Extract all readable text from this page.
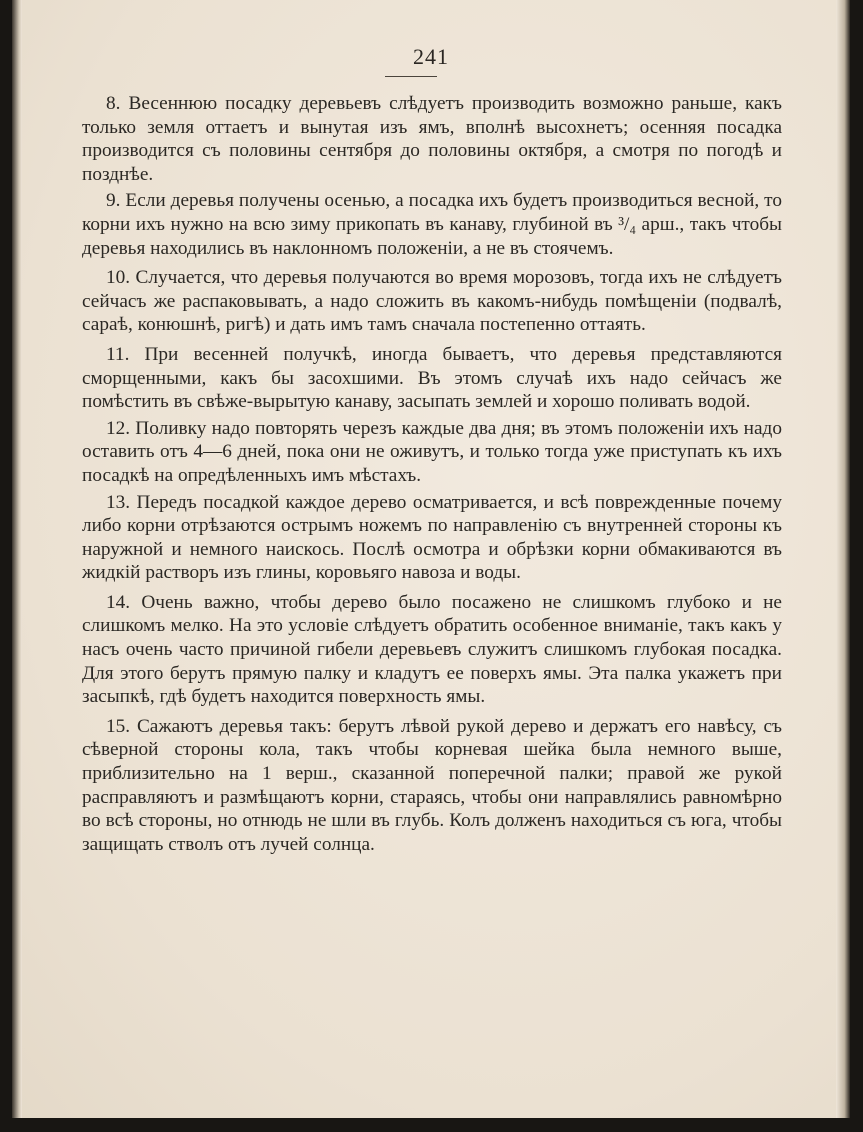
241

8. Весеннюю посадку деревьевъ слѣдуетъ производить возможно раньше, какъ только земля оттаетъ и вынутая изъ ямъ, вполнѣ высохнетъ; осенняя посадка производится съ половины сентября до половины октября, а смотря по погодѣ и позднѣе.

9. Если деревья получены осенью, а посадка ихъ будетъ производиться весной, то корни ихъ нужно на всю зиму прикопать въ канаву, глубиной въ ³/₄ арш., такъ чтобы деревья находились въ наклонномъ положенiи, а не въ стоячемъ.

10. Случается, что деревья получаются во время морозовъ, тогда ихъ не слѣдуетъ сейчасъ же распаковывать, а надо сложить въ какомъ-нибудь помѣщенiи (подвалѣ, сараѣ, конюшнѣ, ригѣ) и дать имъ тамъ сначала постепенно оттаять.

11. При весенней получкѣ, иногда бываетъ, что деревья представляются сморщенными, какъ бы засохшими. Въ этомъ случаѣ ихъ надо сейчасъ же помѣстить въ свѣже-вырытую канаву, засыпать землей и хорошо поливать водой.

12. Поливку надо повторять черезъ каждые два дня; въ этомъ положенiи ихъ надо оставить отъ 4—6 дней, пока они не оживутъ, и только тогда уже приступать къ ихъ посадкѣ на опредѣленныхъ имъ мѣстахъ.

13. Передъ посадкой каждое дерево осматривается, и всѣ поврежденные почему либо корни отрѣзаются острымъ ножемъ по направленiю съ внутренней стороны къ наружной и немного наискось. Послѣ осмотра и обрѣзки корни обмакиваются въ жидкiй растворъ изъ глины, коровьяго навоза и воды.

14. Очень важно, чтобы дерево было посажено не слишкомъ глубоко и не слишкомъ мелко. На это условiе слѣдуетъ обратить особенное вниманiе, такъ какъ у насъ очень часто причиной гибели деревьевъ служитъ слишкомъ глубокая посадка. Для этого берутъ прямую палку и кладутъ ее поверхъ ямы. Эта палка укажетъ при засыпкѣ, гдѣ будетъ находится поверхность ямы.

15. Сажаютъ деревья такъ: берутъ лѣвой рукой дерево и держатъ его навѣсу, съ сѣверной стороны кола, такъ чтобы корневая шейка была немного выше, приблизительно на 1 верш., сказанной поперечной палки; правой же рукой расправляютъ и размѣщаютъ корни, стараясь, чтобы они направлялись равномѣрно во всѣ стороны, но отнюдь не шли въ глубь. Колъ долженъ находиться съ юга, чтобы защищать стволъ отъ лучей солнца.
